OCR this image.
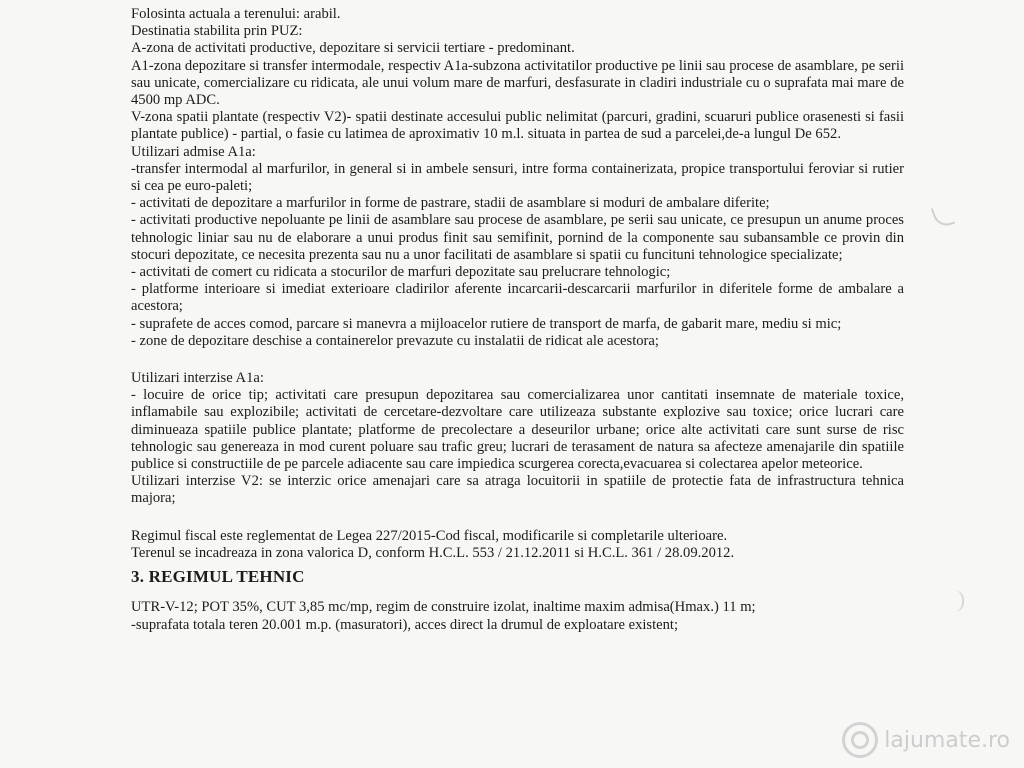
Folosinta actuala a terenului: arabil.
Destinatia stabilita prin PUZ:
A-zona de activitati productive, depozitare si servicii tertiare - predominant.
A1-zona depozitare si transfer intermodale, respectiv A1a-subzona activitatilor productive pe linii sau procese de asamblare, pe serii sau unicate, comercializare cu ridicata, ale unui volum mare de marfuri, desfasurate in cladiri industriale cu o suprafata mai mare de 4500 mp ADC.
V-zona spatii plantate (respectiv V2)- spatii destinate accesului public nelimitat (parcuri, gradini, scuaruri publice orasenesti si fasii plantate publice) - partial, o fasie cu latimea de aproximativ 10 m.l. situata in partea de sud a parcelei,de-a lungul De 652.
Utilizari admise A1a:
-transfer intermodal al marfurilor, in general si in ambele sensuri, intre forma containerizata, propice transportului feroviar si rutier si cea pe euro-paleti;
- activitati de depozitare a marfurilor in forme de pastrare, stadii de asamblare si moduri de ambalare diferite;
- activitati productive nepoluante pe linii de asamblare sau procese de asamblare, pe serii sau unicate, ce presupun un anume proces tehnologic liniar sau nu de elaborare a unui produs finit sau semifinit, pornind de la componente sau subansamble ce provin din stocuri depozitate, ce necesita prezenta sau nu a unor facilitati de asamblare si spatii cu funcituni tehnologice specializate;
- activitati de comert cu ridicata a stocurilor de marfuri depozitate sau prelucrare tehnologic;
- platforme interioare si imediat exterioare cladirilor aferente incarcarii-descarcarii marfurilor in diferitele forme de ambalare a acestora;
- suprafete de acces comod, parcare si manevra a mijloacelor rutiere de transport de marfa, de gabarit mare, mediu si mic;
- zone de depozitare deschise a containerelor prevazute cu instalatii de ridicat ale acestora;
Utilizari interzise A1a:
- locuire de orice tip; activitati care presupun depozitarea sau comercializarea unor cantitati insemnate de materiale toxice, inflamabile sau explozibile; activitati de cercetare-dezvoltare care utilizeaza substante explozive sau toxice; orice lucrari care diminueaza spatiile publice plantate; platforme de precolectare a deseurilor urbane; orice alte activitati care sunt surse de risc tehnologic sau genereaza in mod curent poluare sau trafic greu; lucrari de terasament de natura sa afecteze amenajarile din spatiile publice si constructiile de pe parcele adiacente sau care impiedica scurgerea corecta,evacuarea si colectarea apelor meteorice.
Utilizari interzise V2: se interzic orice amenajari care sa atraga locuitorii in spatiile de protectie fata de infrastructura tehnica majora;
Regimul fiscal este reglementat de Legea 227/2015-Cod fiscal, modificarile si completarile ulterioare.
Terenul se incadreaza in zona valorica D, conform H.C.L. 553 / 21.12.2011 si H.C.L. 361 / 28.09.2012.
3. REGIMUL TEHNIC
UTR-V-12; POT 35%, CUT 3,85 mc/mp, regim de construire izolat, inaltime maxim admisa(Hmax.) 11 m;
-suprafata totala teren 20.001 m.p. (masuratori), acces direct la drumul de exploatare existent;
lajumate.ro
